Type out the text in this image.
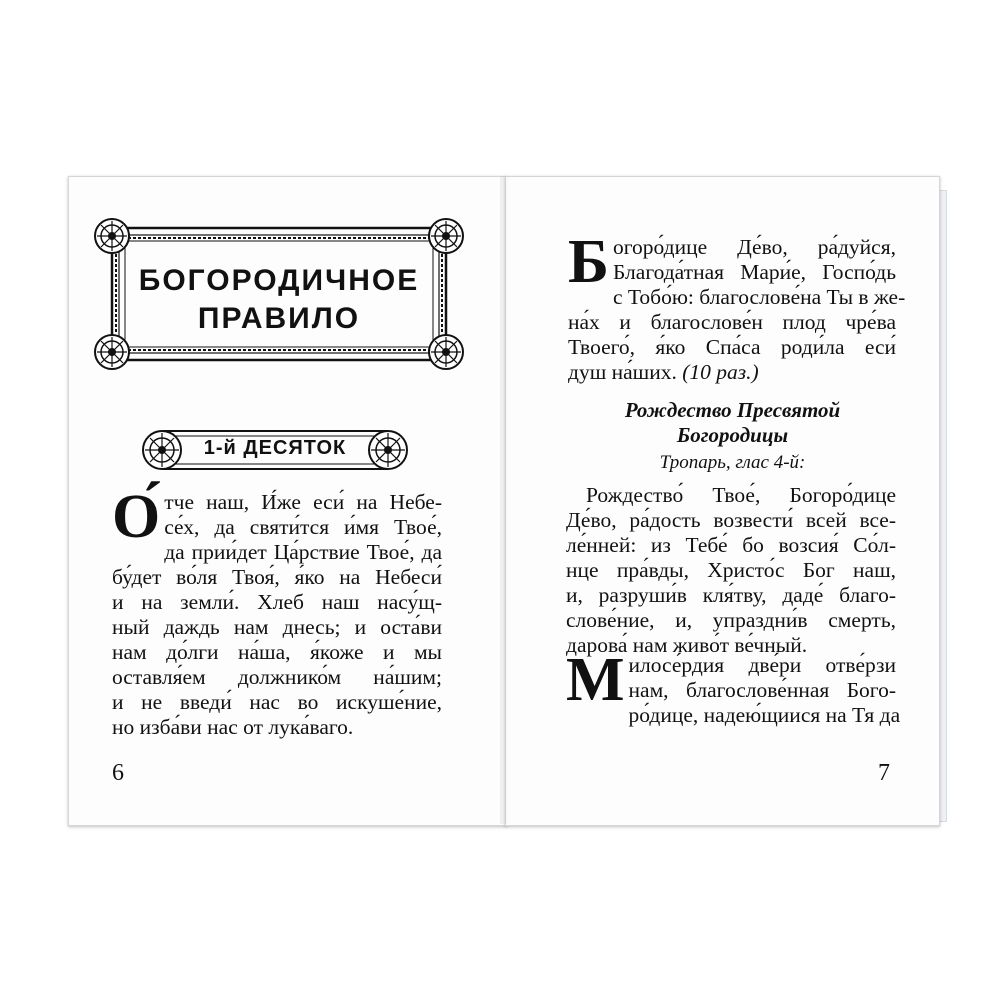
БОГОРОДИЧНОЕ
ПРАВИЛО
1-й ДЕСЯТОК
О́ тче наш, И́же еси́ на Небе-
се́х, да святи́тся и́мя Твое́,
да прии́дет Ца́рствие Твое́, да
бу́дет во́ля Твоя́, я́ко на Небеси́
и на земли́. Хлеб наш насу́щ-
ный даждь нам днесь; и оста́ви
нам до́лги на́ша, я́коже и мы
оставля́ем должнико́м на́шим;
и не введи́ нас во искуше́ние,
но изба́ви нас от лука́ваго.
6
Б огоро́дице Де́во, ра́дуйся,
Благода́тная Мари́е, Госпо́дь
с Тобо́ю: благослове́на Ты в же-
на́х и благослове́н плод чре́ва
Твоего́, я́ко Спа́са роди́ла еси́
душ на́ших. (10 раз.)
Рождество Пресвятой
Богородицы
Тропарь, глас 4-й:
Рождество́ Твое́, Богоро́дице
Де́во, ра́дость возвести́ всей все-
ле́нней: из Тебе́ бо возсия́ Со́л-
нце пра́вды, Христо́с Бог наш,
и, разруши́в кля́тву, даде́ благо-
слове́ние, и, упраздни́в смерть,
дарова́ нам живо́т ве́чный.
М илосе́рдия две́ри отве́рзи
нам, благослове́нная Бого-
ро́дице, надею́щиися на Тя да
7
